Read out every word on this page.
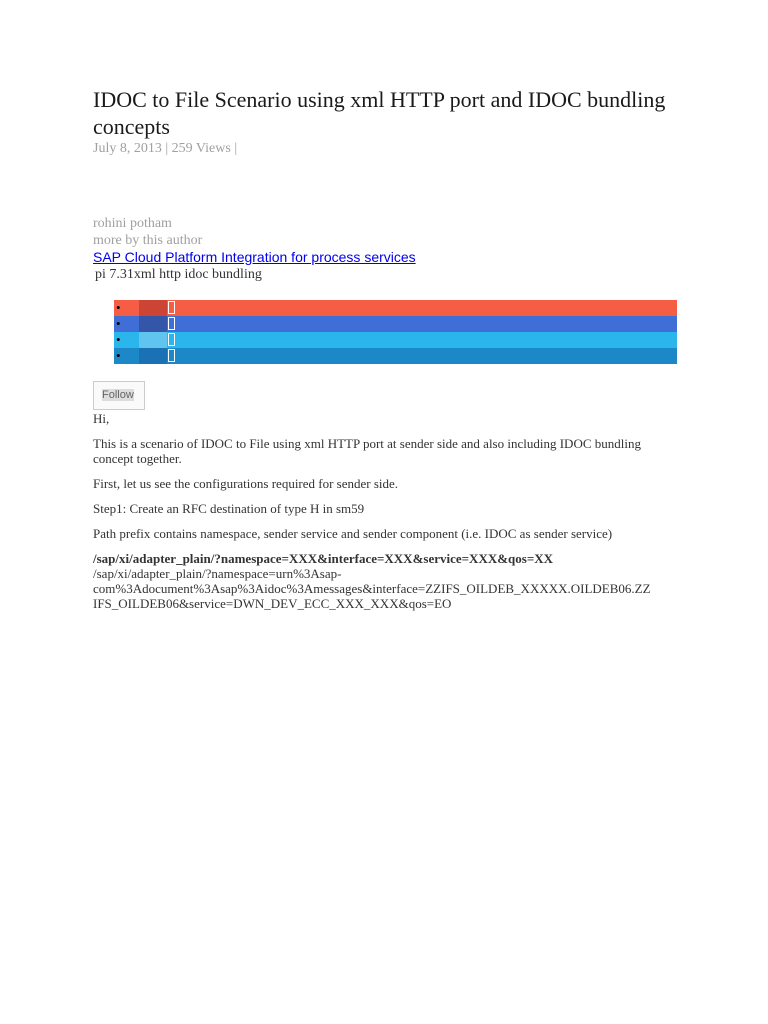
IDOC to File Scenario using xml HTTP port and IDOC bundling concepts
July 8, 2013 | 259 Views |
rohini potham
more by this author
SAP Cloud Platform Integration for process services
pi 7.31xml http idoc bundling
•
•
•
•
Follow

Hi,

This is a scenario of IDOC to File using xml HTTP port at sender side and also including IDOC bundling concept together.

First, let us see the configurations required for sender side.

Step1: Create an RFC destination of type H in sm59

Path prefix contains namespace, sender service and sender component (i.e. IDOC as sender service)

/sap/xi/adapter_plain/?namespace=XXX&interface=XXX&service=XXX&qos=XX
/sap/xi/adapter_plain/?namespace=urn%3Asap-
com%3Adocument%3Asap%3Aidoc%3Amessages&interface=ZZIFS_OILDEB_XXXXX.OILDEB06.ZZ
IFS_OILDEB06&service=DWN_DEV_ECC_XXX_XXX&qos=EO
